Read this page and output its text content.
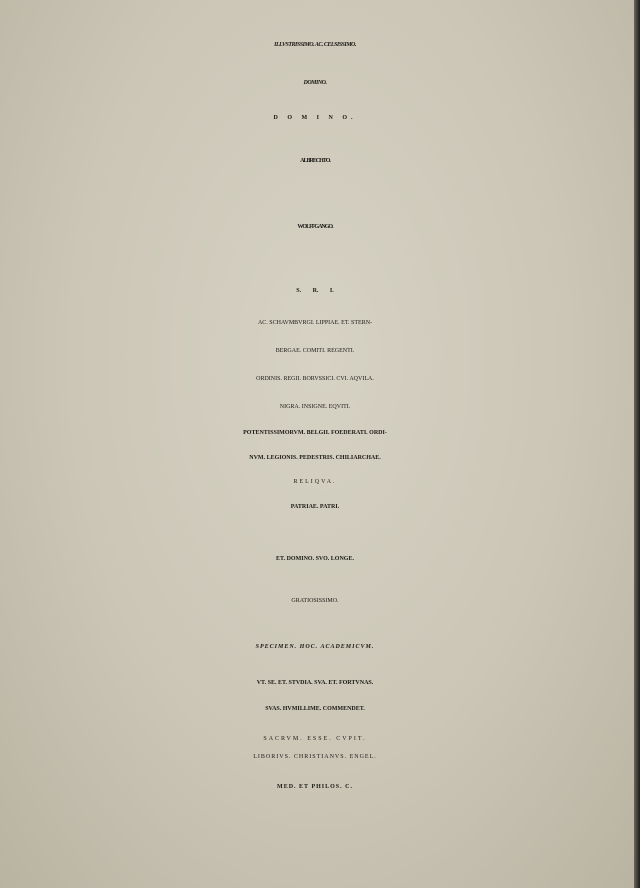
ILLVSTRISSIMO. AC. CELSISSIMO.
DOMINO.
D O M I N O.
ALBRECHTO.
WOLFFGANGO.
S. R. I.
AC. SCHAVMBVRGI. LIPPIAE. ET. STERN-
BERGAE. COMITI. REGENTI.
ORDINIS. REGII. BORVSSICI. CVI. AQVILA.
NIGRA. INSIGNE. EQVITI.
POTENTISSIMORVM. BELGII. FOEDERATI. ORDI-
NVM. LEGIONIS. PEDESTRIS. CHILIARCHAE.
RELIQVA.
PATRIAE. PATRI.
ET. DOMINO. SVO. LONGE.
GRATIOSISSIMO.
SPECIMEN. HOC. ACADEMICVM.
VT. SE. ET. STVDIA. SVA. ET. FORTVNAS.
SVAS. HVMILLIME. COMMENDET.
SACRVM. ESSE. CVPIT.
LIBORIVS. CHRISTIANVS. ENGEL.
MED. ET PHILOS. C.
